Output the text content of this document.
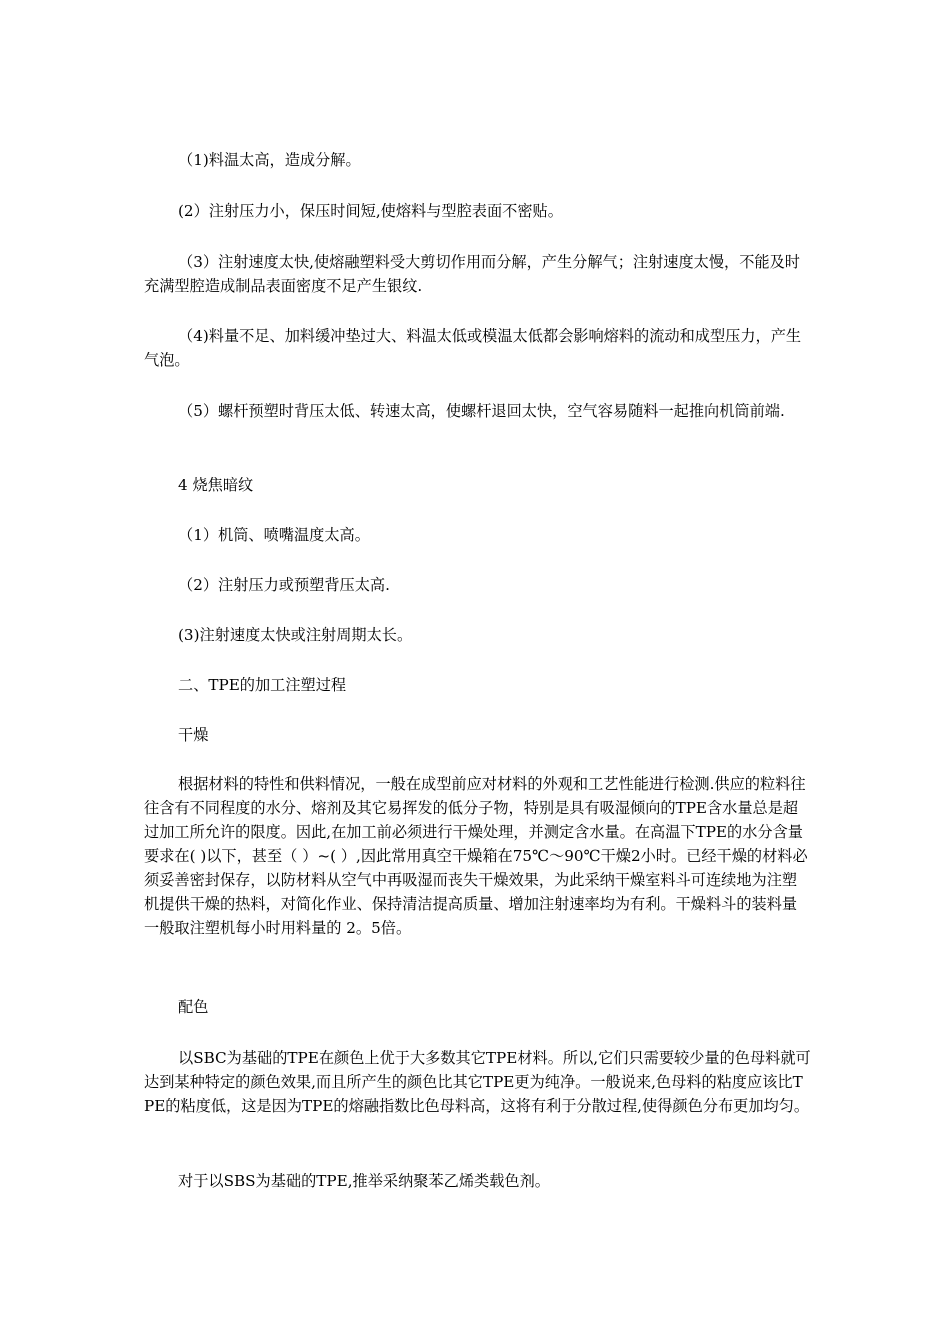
（1)料温太高，造成分解。

(2）注射压力小，保压时间短,使熔料与型腔表面不密贴。

（3）注射速度太快,使熔融塑料受大剪切作用而分解，产生分解气；注射速度太慢，不能及时充满型腔造成制品表面密度不足产生银纹.

（4)料量不足、加料缓冲垫过大、料温太低或模温太低都会影响熔料的流动和成型压力，产生气泡。

（5）螺杆预塑时背压太低、转速太高，使螺杆退回太快，空气容易随料一起推向机筒前端.

4 烧焦暗纹

（1）机筒、喷嘴温度太高。

（2）注射压力或预塑背压太高.

(3)注射速度太快或注射周期太长。

二、TPE的加工注塑过程

干燥

根据材料的特性和供料情况，一般在成型前应对材料的外观和工艺性能进行检测.供应的粒料往往含有不同程度的水分、熔剂及其它易挥发的低分子物，特别是具有吸湿倾向的TPE含水量总是超过加工所允许的限度。因此,在加工前必须进行干燥处理，并测定含水量。在高温下TPE的水分含量要求在( )以下，甚至（ ）~( ）,因此常用真空干燥箱在75℃～90℃干燥2小时。已经干燥的材料必须妥善密封保存，以防材料从空气中再吸湿而丧失干燥效果，为此采纳干燥室料斗可连续地为注塑机提供干燥的热料，对简化作业、保持清洁提高质量、增加注射速率均为有利。干燥料斗的装料量一般取注塑机每小时用料量的 2。5倍。

配色

以SBC为基础的TPE在颜色上优于大多数其它TPE材料。所以,它们只需要较少量的色母料就可达到某种特定的颜色效果,而且所产生的颜色比其它TPE更为纯净。一般说来,色母料的粘度应该比TPE的粘度低，这是因为TPE的熔融指数比色母料高，这将有利于分散过程,使得颜色分布更加均匀。

对于以SBS为基础的TPE,推举采纳聚苯乙烯类载色剂。
